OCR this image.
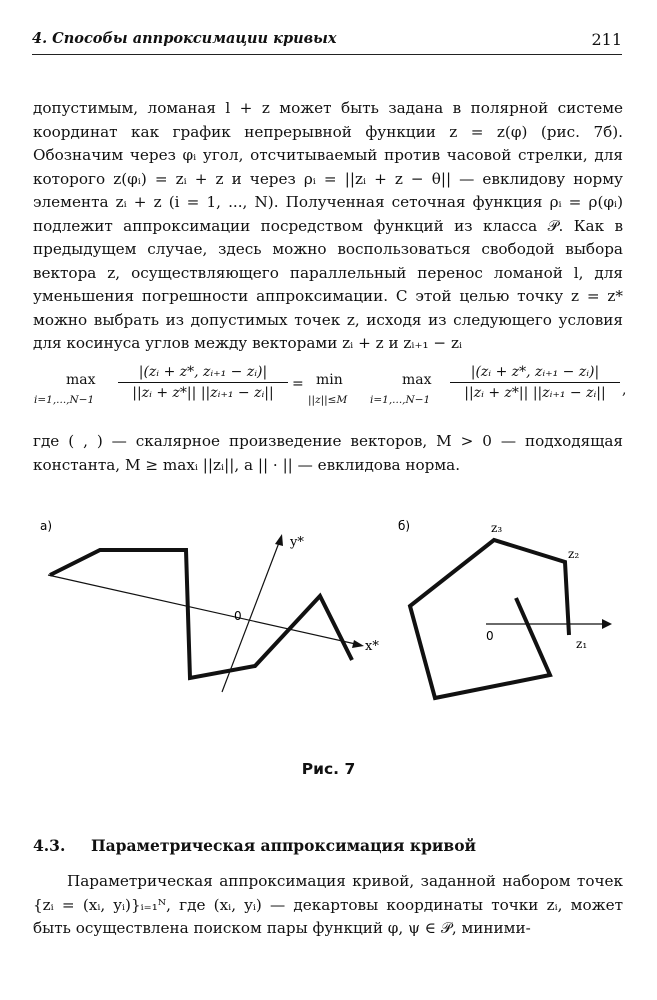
4. Способы аппроксимации кривых	211
допустимым, ломаная l + z может быть задана в полярной системе координат как график непрерывной функции z = z(φ) (рис. 7б). Обозначим через φᵢ угол, отсчитываемый против часовой стрелки, для которого z(φᵢ) = zᵢ + z и через ρᵢ = ||zᵢ + z − θ|| — евклидову норму элемента zᵢ + z (i = 1, ..., N). Полученная сеточная функция ρᵢ = ρ(φᵢ) подлежит аппроксимации посредством функций из класса 𝒫. Как в предыдущем случае, здесь можно воспользоваться свободой выбора вектора z, осуществляющего параллельный перенос ломаной l, для уменьшения погрешности аппроксимации. С этой целью точку z = z* можно выбрать из допустимых точек z, исходя из следующего условия для косинуса углов между векторами zᵢ + z и zᵢ₊₁ − zᵢ
max
i=1,...,N−1
|(zᵢ + z*, zᵢ₊₁ − zᵢ)|
||zᵢ + z*|| ||zᵢ₊₁ − zᵢ||
= min
||z||≤M
max
i=1,...,N−1
|(zᵢ + z*, zᵢ₊₁ − zᵢ)|
||zᵢ + z*|| ||zᵢ₊₁ − zᵢ||	,
где ( , ) — скалярное произведение векторов, M > 0 — подходящая константа, M ≥ maxᵢ ||zᵢ||, а || · || — евклидова норма.
а)
y*
x*
0
б)
0
z₃
z₂
z₁
Рис. 7
4.3. Параметрическая аппроксимация кривой
Параметрическая аппроксимация кривой, заданной набором точек {zᵢ = (xᵢ, yᵢ)}ᵢ₌₁ᴺ, где (xᵢ, yᵢ) — декартовы координаты точки zᵢ, может быть осуществлена поиском пары функций φ, ψ ∈ 𝒫, миними-
